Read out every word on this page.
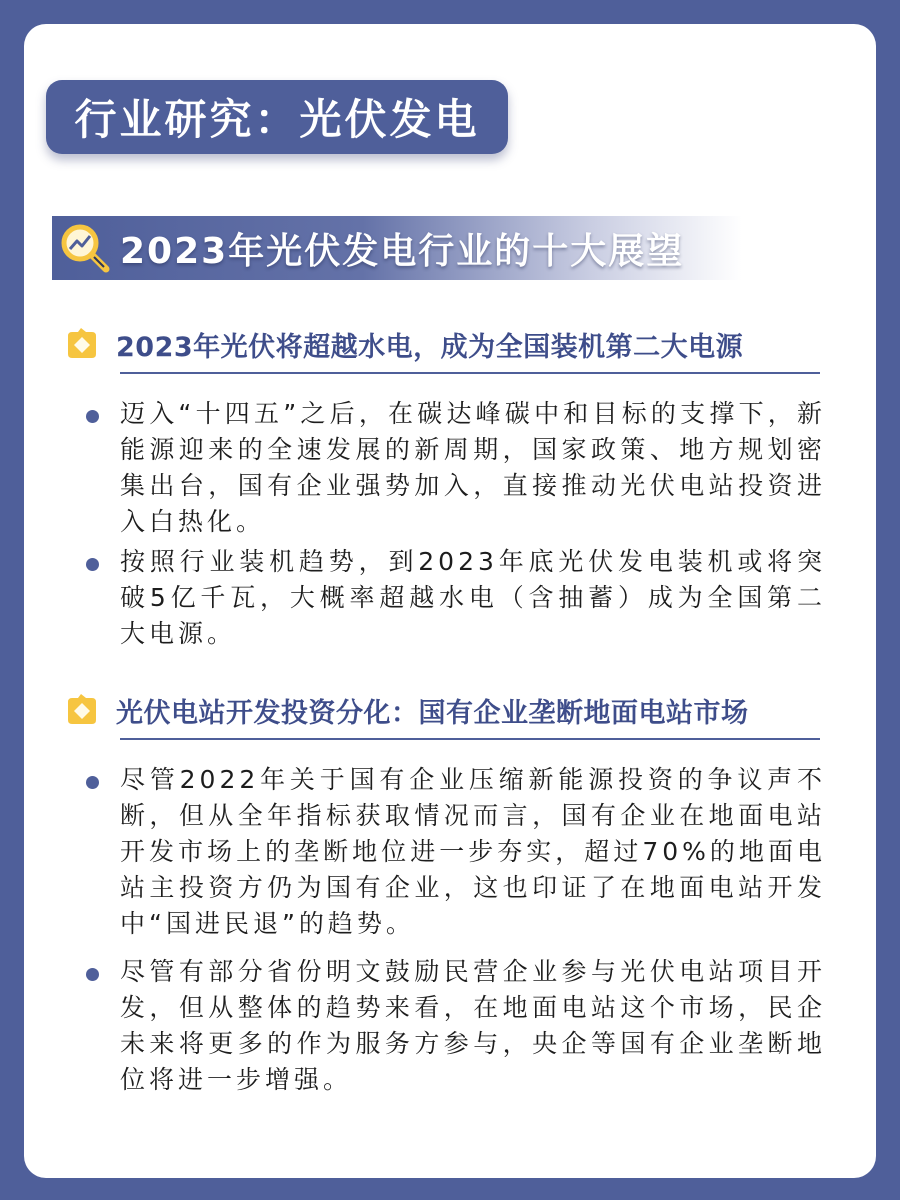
行业研究：光伏发电
2023年光伏发电行业的十大展望
2023年光伏将超越水电，成为全国装机第二大电源
迈入“十四五”之后，在碳达峰碳中和目标的支撑下，新能源迎来的全速发展的新周期，国家政策、地方规划密集出台，国有企业强势加入，直接推动光伏电站投资进入白热化。
按照行业装机趋势，到2023年底光伏发电装机或将突破5亿千瓦，大概率超越水电（含抽蓄）成为全国第二大电源。
光伏电站开发投资分化：国有企业垄断地面电站市场
尽管2022年关于国有企业压缩新能源投资的争议声不断，但从全年指标获取情况而言，国有企业在地面电站开发市场上的垄断地位进一步夯实，超过70%的地面电站主投资方仍为国有企业，这也印证了在地面电站开发中“国进民退”的趋势。
尽管有部分省份明文鼓励民营企业参与光伏电站项目开发，但从整体的趋势来看，在地面电站这个市场，民企未来将更多的作为服务方参与，央企等国有企业垄断地位将进一步增强。
